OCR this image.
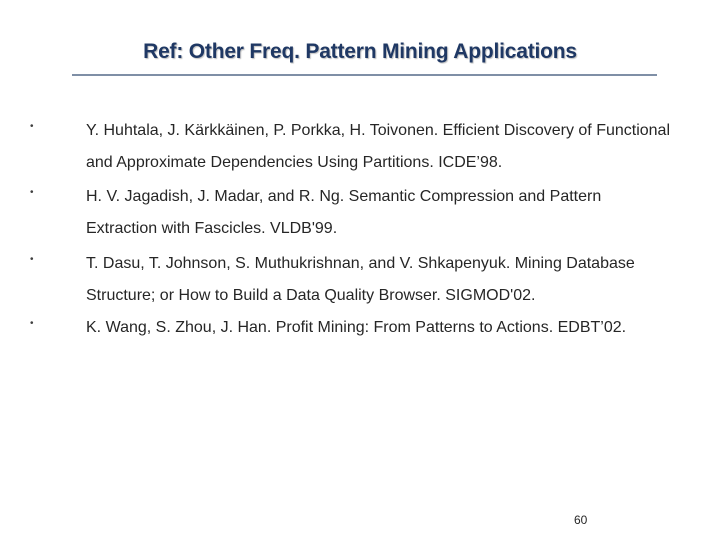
Ref: Other Freq. Pattern Mining Applications
•	Y. Huhtala, J. Kärkkäinen, P. Porkka, H. Toivonen. Efficient Discovery of Functional and Approximate Dependencies Using Partitions. ICDE’98.
•	H. V. Jagadish, J. Madar, and R. Ng. Semantic Compression and Pattern Extraction with Fascicles. VLDB'99.
•	T. Dasu, T. Johnson, S. Muthukrishnan, and V. Shkapenyuk. Mining Database Structure; or How to Build a Data Quality Browser. SIGMOD'02.
•	K. Wang, S. Zhou, J. Han. Profit Mining: From Patterns to Actions. EDBT’02.
60
